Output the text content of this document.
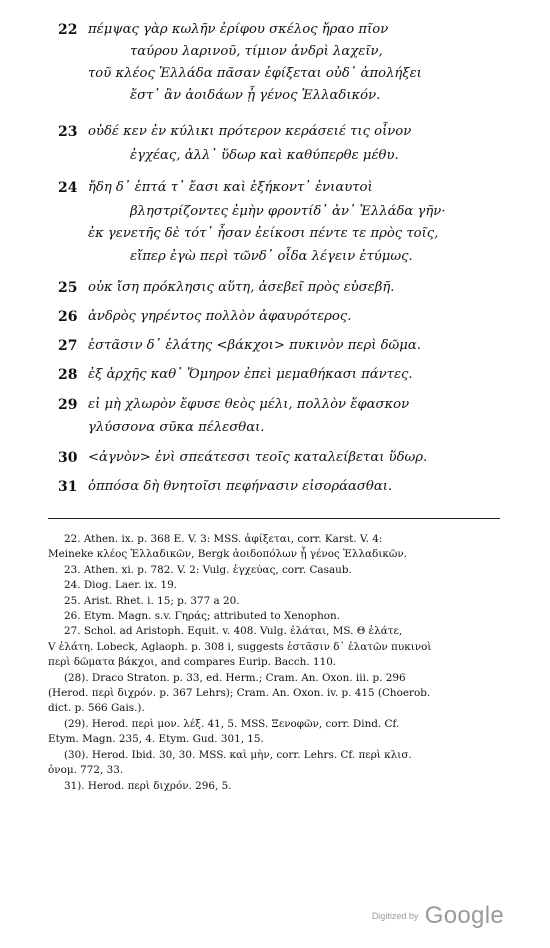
22 πέμψας γὰρ κωλῆν ἐρίφου σκέλος ἤραο πῖον
ταύρου λαρινοῦ, τίμιον ἀνδρὶ λαχεῖν,
τοῦ κλέος Ἑλλάδα πᾶσαν ἐφίξεται οὐδ᾽ ἀπολήξει
ἔστ᾽ ἂν ἀοιδάων ᾖ γένος Ἑλλαδικόν.
23 οὐδέ κεν ἐν κύλικι πρότερον κεράσειέ τις οἶνον
ἐγχέας, ἀλλ᾽ ὕδωρ καὶ καθύπερθε μέθυ.
24 ἤδη δ᾽ ἑπτά τ᾽ ἔασι καὶ ἑξήκοντ᾽ ἐνιαυτοὶ
βληστρίζοντες ἐμὴν φροντίδ᾽ ἀν᾽ Ἑλλάδα γῆν·
ἐκ γενετῆς δὲ τότ᾽ ἦσαν ἐείκοσι πέντε τε πρὸς τοῖς,
εἴπερ ἐγὼ περὶ τῶνδ᾽ οἶδα λέγειν ἐτύμως.
25 οὐκ ἴση πρόκλησις αὕτη, ἀσεβεῖ πρὸς εὐσεβῆ.
26 ἀνδρὸς γηρέντος πολλὸν ἀφαυρότερος.
27 ἑστᾶσιν δ᾽ ἐλάτης <βάκχοι> πυκινὸν περὶ δῶμα.
28 ἐξ ἀρχῆς καθ᾽ Ὅμηρον ἐπεὶ μεμαθήκασι πάντες.
29 εἰ μὴ χλωρὸν ἔφυσε θεὸς μέλι, πολλὸν ἔφασκον
γλύσσονα σῦκα πέλεσθαι.
30 <ἀγνὸν> ἐνὶ σπεάτεσσι τεοῖς καταλείβεται ὕδωρ.
31 ὁππόσα δὴ θνητοῖσι πεφήνασιν εἰσοράασθαι.
22. Athen. ix. p. 368 E. V. 3: MSS. ἀφίξεται, corr. Karst. V. 4:
Meineke κλέος Ἑλλαδικῶν, Bergk ἀοιδοπόλων ᾖ γένος Ἑλλαδικῶν.
23. Athen. xi. p. 782. V. 2: Vulg. ἐγχεύας, corr. Casaub.
24. Diog. Laer. ix. 19.
25. Arist. Rhet. i. 15; p. 377 a 20.
26. Etym. Magn. s.v. Γηράς; attributed to Xenophon.
27. Schol. ad Aristoph. Equit. v. 408. Vulg. ἐλάται, MS. Θ ἐλάτε,
V ἐλάτη. Lobeck, Aglaoph. p. 308 i, suggests ἑστᾶσιν δ᾽ ἐλατῶν πυκινοὶ
περὶ δῶματα βάκχοι, and compares Eurip. Bacch. 110.
(28). Draco Straton. p. 33, ed. Herm.; Cram. An. Oxon. iii. p. 296
(Herod. περὶ διχρόν. p. 367 Lehrs); Cram. An. Oxon. iv. p. 415 (Choerob.
dict. p. 566 Gais.).
(29). Herod. περὶ μον. λέξ. 41, 5. MSS. Ξενοφῶν, corr. Dind. Cf.
Etym. Magn. 235, 4. Etym. Gud. 301, 15.
(30). Herod. Ibid. 30, 30. MSS. καὶ μὴν, corr. Lehrs. Cf. περὶ κλισ.
ὀνομ. 772, 33.
31). Herod. περὶ διχρόν. 296, 5.
$^{Digitized by}$ Google
